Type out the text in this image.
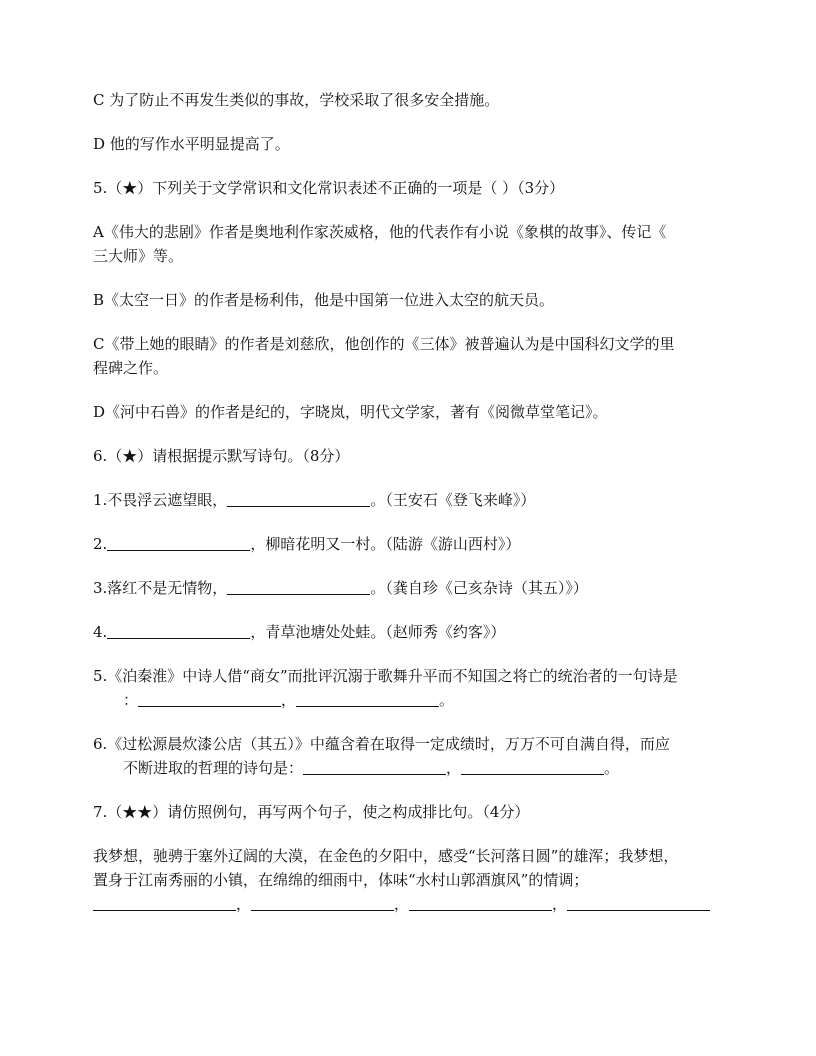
C 为了防止不再发生类似的事故，学校采取了很多安全措施。
D 他的写作水平明显提高了。
5.（★）下列关于文学常识和文化常识表述不正确的一项是（ ）（3分）
A《伟大的悲剧》作者是奥地利作家茨威格，他的代表作有小说《象棋的故事》、传记《
三大师》等。
B《太空一日》的作者是杨利伟，他是中国第一位进入太空的航天员。
C《带上她的眼睛》的作者是刘慈欣，他创作的《三体》被普遍认为是中国科幻文学的里
程碑之作。
D《河中石兽》的作者是纪的，字晓岚，明代文学家，著有《阅微草堂笔记》。
6.（★）请根据提示默写诗句。（8分）
1.不畏浮云遮望眼，	。（王安石《登飞来峰》）
2.	，柳暗花明又一村。（陆游《游山西村》）
3.落红不是无情物，	。（龚自珍《己亥杂诗（其五）》）
4.	，青草池塘处处蛙。（赵师秀《约客》）
5.《泊秦淮》中诗人借“商女”而批评沉溺于歌舞升平而不知国之将亡的统治者的一句诗是
：	，	。
6.《过松源晨炊漆公店（其五）》中蕴含着在取得一定成绩时，万万不可自满自得，而应
不断进取的哲理的诗句是：	，	。
7.（★★）请仿照例句，再写两个句子，使之构成排比句。（4分）
我梦想，驰骋于塞外辽阔的大漠，在金色的夕阳中，感受“长河落日圆”的雄浑；我梦想，
置身于江南秀丽的小镇，在绵绵的细雨中，体味“水村山郭酒旗风”的情调；
，	，	，
